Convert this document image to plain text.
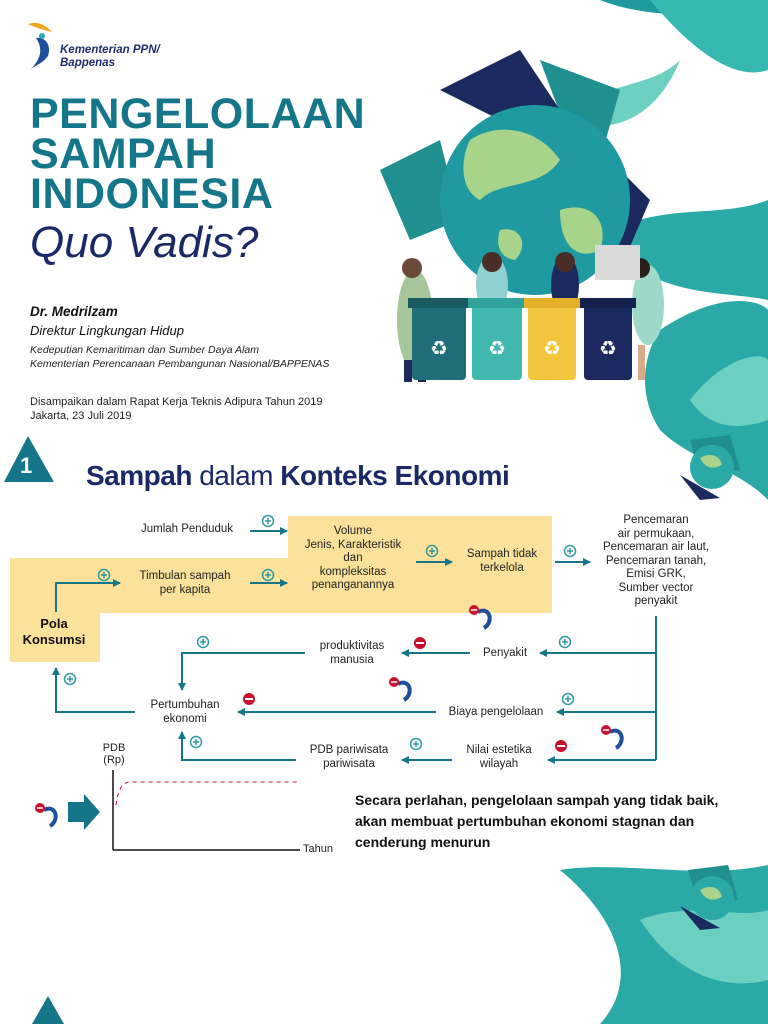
♻ ♻ ♻ ♻
Kementerian PPN/
Bappenas
PENGELOLAAN
SAMPAH
INDONESIA
Quo Vadis?
Dr. Medrilzam
Direktur Lingkungan Hidup
Kedeputian Kemaritiman dan Sumber Daya Alam
Kementerian Perencanaan Pembangunan Nasional/BAPPENAS
Disampaikan dalam Rapat Kerja Teknis Adipura Tahun 2019
Jakarta, 23 Juli 2019
1 Sampah dalam Konteks Ekonomi
Jumlah Penduduk
Timbulan sampah
per kapita
Volume
Jenis, Karakteristik
dan
kompleksitas
penanganannya
Sampah tidak
terkelola
Pencemaran
air permukaan,
Pencemaran air laut,
Pencemaran tanah,
Emisi GRK,
Sumber vector
penyakit
Pola
Konsumsi	produktivitas
manusia
Penyakit
Pertumbuhan
ekonomi
Biaya pengelolaan
PDB pariwisata
pariwisata
Nilai estetika
wilayah
PDB
(Rp)
Tahun
Secara perlahan, pengelolaan sampah yang tidak baik,
akan membuat pertumbuhan ekonomi stagnan dan
cenderung menurun
